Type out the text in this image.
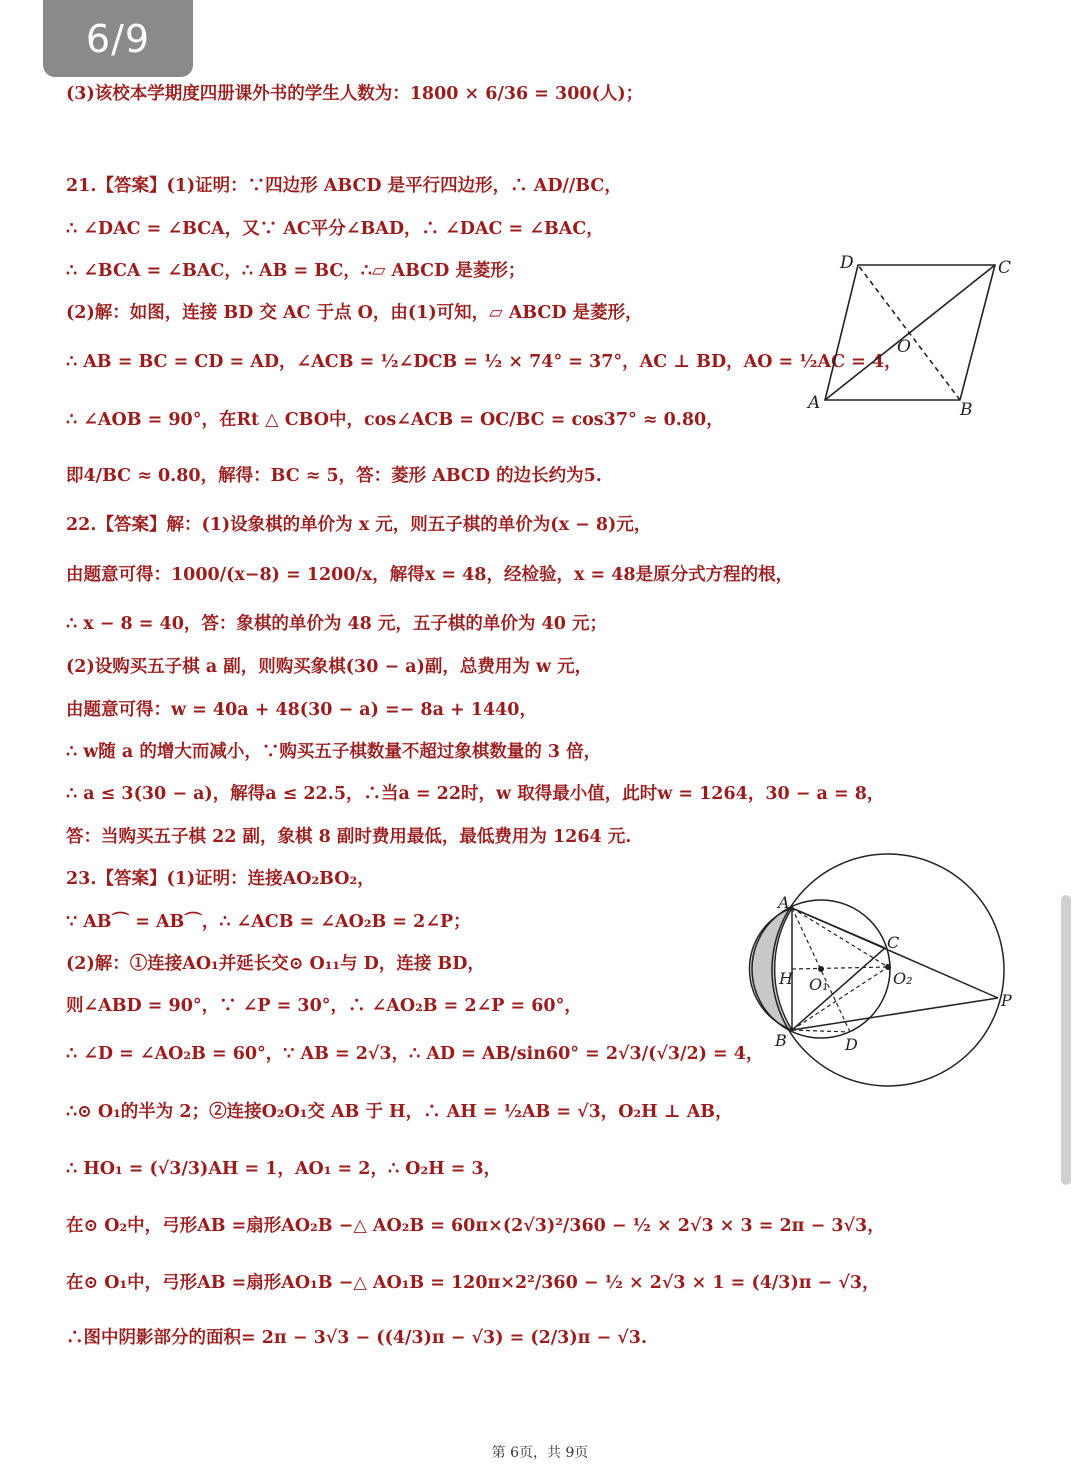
6/9
(3)该校本学期度四册课外书的学生人数为：1800 × 6/36 = 300(人)；
21.【答案】(1)证明：∵四边形 ABCD 是平行四边形，∴ AD//BC，
∴ ∠DAC = ∠BCA，又∵ AC平分∠BAD，∴ ∠DAC = ∠BAC，
∴ ∠BCA = ∠BAC，∴ AB = BC，∴▱ ABCD 是菱形；
(2)解：如图，连接 BD 交 AC 于点 O，由(1)可知，▱ ABCD 是菱形，
∴ AB = BC = CD = AD，∠ACB = ½∠DCB = ½ × 74° = 37°，AC ⊥ BD，AO = ½AC = 4，
∴ ∠AOB = 90°，在Rt △ CBO中，cos∠ACB = OC/BC = cos37° ≈ 0.80，
即4/BC ≈ 0.80，解得：BC ≈ 5，答：菱形 ABCD 的边长约为5.
22.【答案】解：(1)设象棋的单价为 x 元，则五子棋的单价为(x − 8)元，
由题意可得：1000/(x−8) = 1200/x，解得x = 48，经检验，x = 48是原分式方程的根，
∴ x − 8 = 40，答：象棋的单价为 48 元，五子棋的单价为 40 元；
(2)设购买五子棋 a 副，则购买象棋(30 − a)副，总费用为 w 元，
由题意可得：w = 40a + 48(30 − a) =− 8a + 1440，
∴ w随 a 的增大而减小，∵购买五子棋数量不超过象棋数量的 3 倍，
∴ a ≤ 3(30 − a)，解得a ≤ 22.5，∴当a = 22时，w 取得最小值，此时w = 1264，30 − a = 8，
答：当购买五子棋 22 副，象棋 8 副时费用最低，最低费用为 1264 元.
23.【答案】(1)证明：连接AO₂BO₂，
∵ AB⌒ = AB⌒，∴ ∠ACB = ∠AO₂B = 2∠P；
(2)解：①连接AO₁并延长交⊙ O₁₁与 D，连接 BD，
则∠ABD = 90°，∵ ∠P = 30°，∴ ∠AO₂B = 2∠P = 60°，
∴ ∠D = ∠AO₂B = 60°，∵ AB = 2√3，∴ AD = AB/sin60° = 2√3/(√3/2) = 4，
∴⊙ O₁的半为 2；②连接O₂O₁交 AB 于 H，∴ AH = ½AB = √3，O₂H ⊥ AB，
∴ HO₁ = (√3/3)AH = 1，AO₁ = 2，∴ O₂H = 3，
在⊙ O₂中，弓形AB =扇形AO₂B −△ AO₂B = 60π×(2√3)²/360 − ½ × 2√3 × 3 = 2π − 3√3，
在⊙ O₁中，弓形AB =扇形AO₁B −△ AO₁B = 120π×2²/360 − ½ × 2√3 × 1 = (4/3)π − √3，
∴图中阴影部分的面积= 2π − 3√3 − ((4/3)π − √3) = (2/3)π − √3.
A	B
C
D
O
A
B
C
D
H O₁	O₂
P
第 6页，共 9页
